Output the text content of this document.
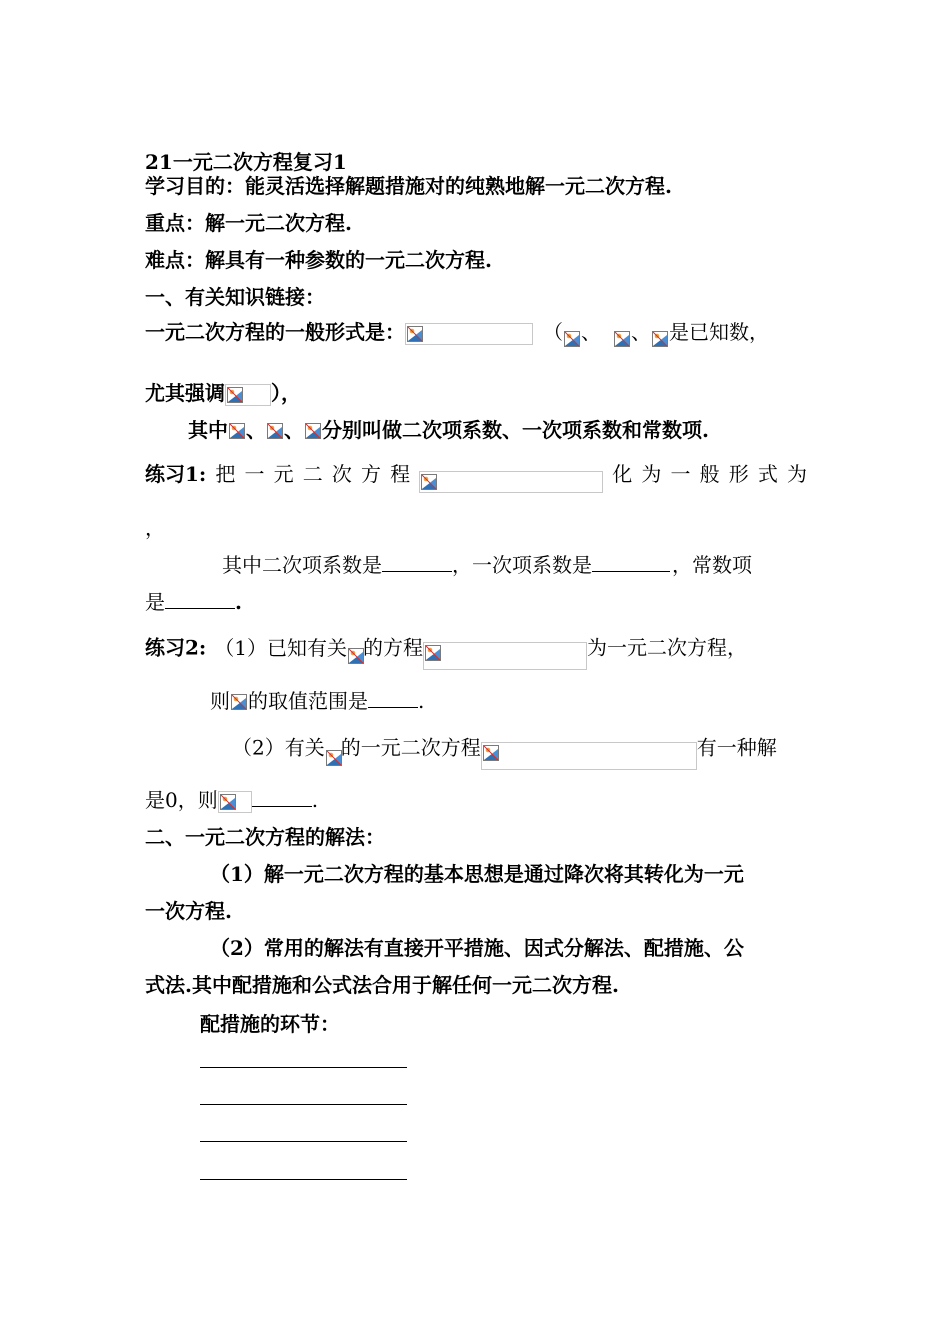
21一元二次方程复习1
学习目的：能灵活选择解题措施对的纯熟地解一元二次方程.
重点：解一元二次方程.
难点：解具有一种参数的一元二次方程.
一、有关知识链接：
一元二次方程的一般形式是：	（ 、 、 是已知数，
尤其强调 ），
其中 、 、 分别叫做二次项系数、一次项系数和常数项.
练习1: 把 一 元 二 次 方 程	化 为 一 般 形 式 为
，
其中二次项系数是	，一次项系数是	，常数项
是	.
练习2: （1）已知有关 的方程	为一元二次方程，
则 的取值范围是	.
（2）有关 的一元二次方程	有一种解
是0，则	.
二、一元二次方程的解法：
（1）解一元二次方程的基本思想是通过降次将其转化为一元
一次方程.
（2）常用的解法有直接开平措施、因式分解法、配措施、公
式法.其中配措施和公式法合用于解任何一元二次方程.
配措施的环节：
